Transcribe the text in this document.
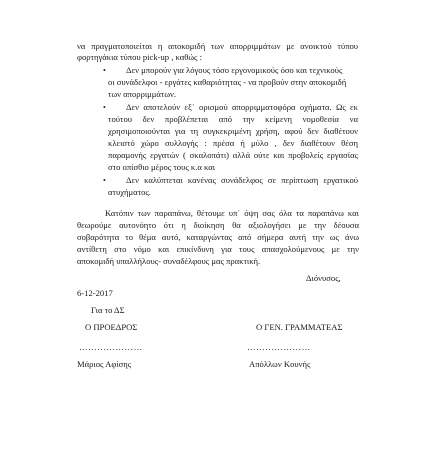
να πραγματοποιείται η αποκομιδή των απορριμμάτων με ανοικτού τύπου
φορτηγάκια τύπου pick-up , καθώς :
• Δεν μπορούν για λόγους τόσο εργονομικούς όσο και τεχνικούς
οι συνάδελφοι - εργάτες καθαριότητας - να προβούν στην αποκομιδή
των απορριμμάτων.
• Δεν αποτελούν εξ΄ ορισμού απορριμματοφόρα οχήματα. Ως εκ
τούτου δεν προβλέπεται από την κείμενη νομοθεσία να
χρησιμοποιούνται για τη συγκεκριμένη χρήση, αφού δεν διαθέτουν
κλειστό χώρο συλλογής : πρέσα ή μύλο , δεν διαθέτουν θέση
παραμονής εργατών ( σκαλοπάτι) αλλά ούτε και προβολείς εργασίας
στο οπίσθιο μέρος τους κ.α και
• Δεν καλύπτεται κανένας συνάδελφος σε περίπτωση εργατικού
ατυχήματος.
Κατόπιν των παραπάνω, θέτουμε υπ΄ όψη σας όλα τα παραπάνω και
θεωρούμε αυτονόητο ότι η διοίκηση θα αξιολογήσει με την δέουσα
σοβαρότητα το θέμα αυτό, καταργώντας από σήμερα αυτή την ως άνω
αντίθετη στο νόμο και επικίνδυνη για τους απασχολούμενους με την
αποκομιδή υπαλλήλους- συναδέλφους μας πρακτική.
Διόνυσος,
6-12-2017
Για το ΔΣ
Ο ΠΡΟΕΔΡΟΣ	Ο ΓΕΝ. ΓΡΑΜΜΑΤΕΑΣ
…………………	…………………
Μάριος Αφίσης	Απόλλων Κουνής
